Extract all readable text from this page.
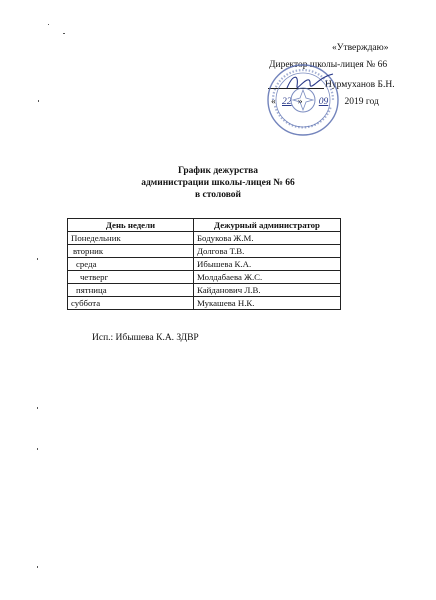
«Утверждаю»
Директор школы-лицея № 66
Нурмуханов Б.Н.
« 22 » 09 2019 год
График дежурства
администрации школы-лицея № 66
в столовой
День недели	Дежурный администратор
Понедельник	Бодукова Ж.М.
вторник	Долгова Т.В.
среда	Ибышева К.А.
четверг	Молдабаева Ж.С.
пятница	Кайданович Л.В.
суббота	Мукашева Н.К.
Исп.: Ибышева К.А. ЗДВР
